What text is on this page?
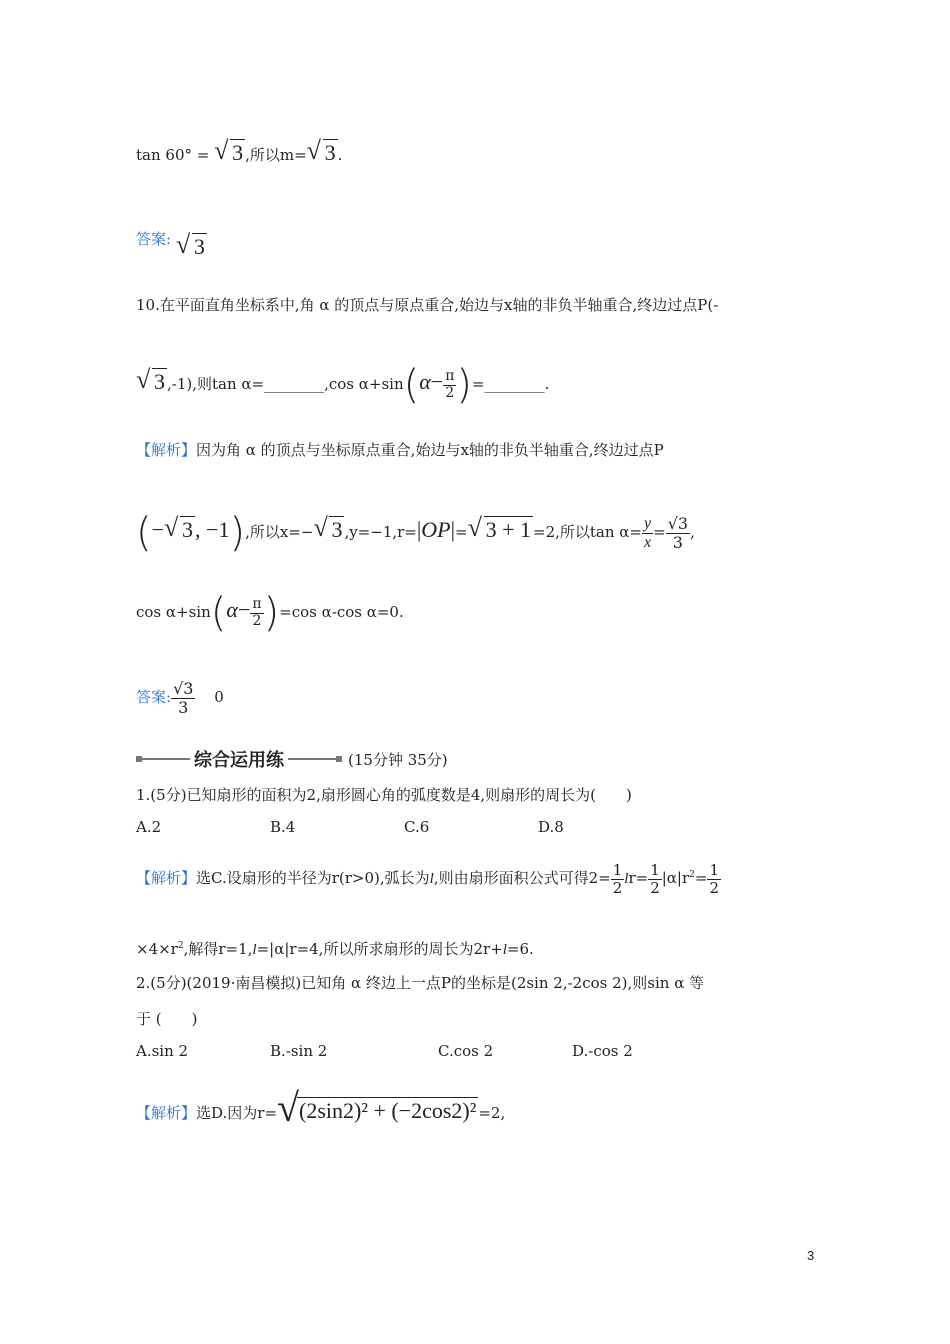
tan 60° = √ 3 ,所以m= √ 3 .
答案: √ 3
10.在平面直角坐标系中,角 α 的顶点与原点重合,始边与x轴的非负半轴重合,终边过点P(-
√ 3 ,-1),则tan α=________,cos $\alpha+\sin(\alpha- \frac{\pi}{2}$ )=________.
【解析】因为角 α 的顶点与坐标原点重合,始边与x轴的非负半轴重合,终边过点P
(− √ 3, −1),所以x=− √ 3 ,y=−1,r=|OP|= √ 3 + 1 =2,所以$\tan \alpha= \frac{y}{x} = \frac{√3}{3}$ ,
$\cos \alpha+\sin(\alpha- \frac{\pi}{2} )=\cos$ α-cos α=0.
答案: $\frac{√3}{3} 0$
综合运用练	(15分钟 35分)
1.(5分)已知扇形的面积为2,扇形圆心角的弧度数是4,则扇形的周长为(　　)
A.2	B.4	C.6	D.8
【解析】选C.设扇形的半径为r(r>0),弧长为l,则由扇形面积公式可得$2= \frac{1}{2} lr= \frac{1}{2} |\alpha|r^2= \frac{1}{2}$
$\times 4\times r^2$,解得r=1,l=|α|r=4,所以所求扇形的周长为2r+l=6.
2.(5分)(2019·南昌模拟)已知角 α 终边上一点P的坐标是(2sin 2,-2cos 2),则sin α 等
于 (　　)
A.sin 2	B.-sin 2	C.cos 2	D.-cos 2
【解析】选D.因为r= √ (2sin2)² + (−2cos2)² =2,
3
